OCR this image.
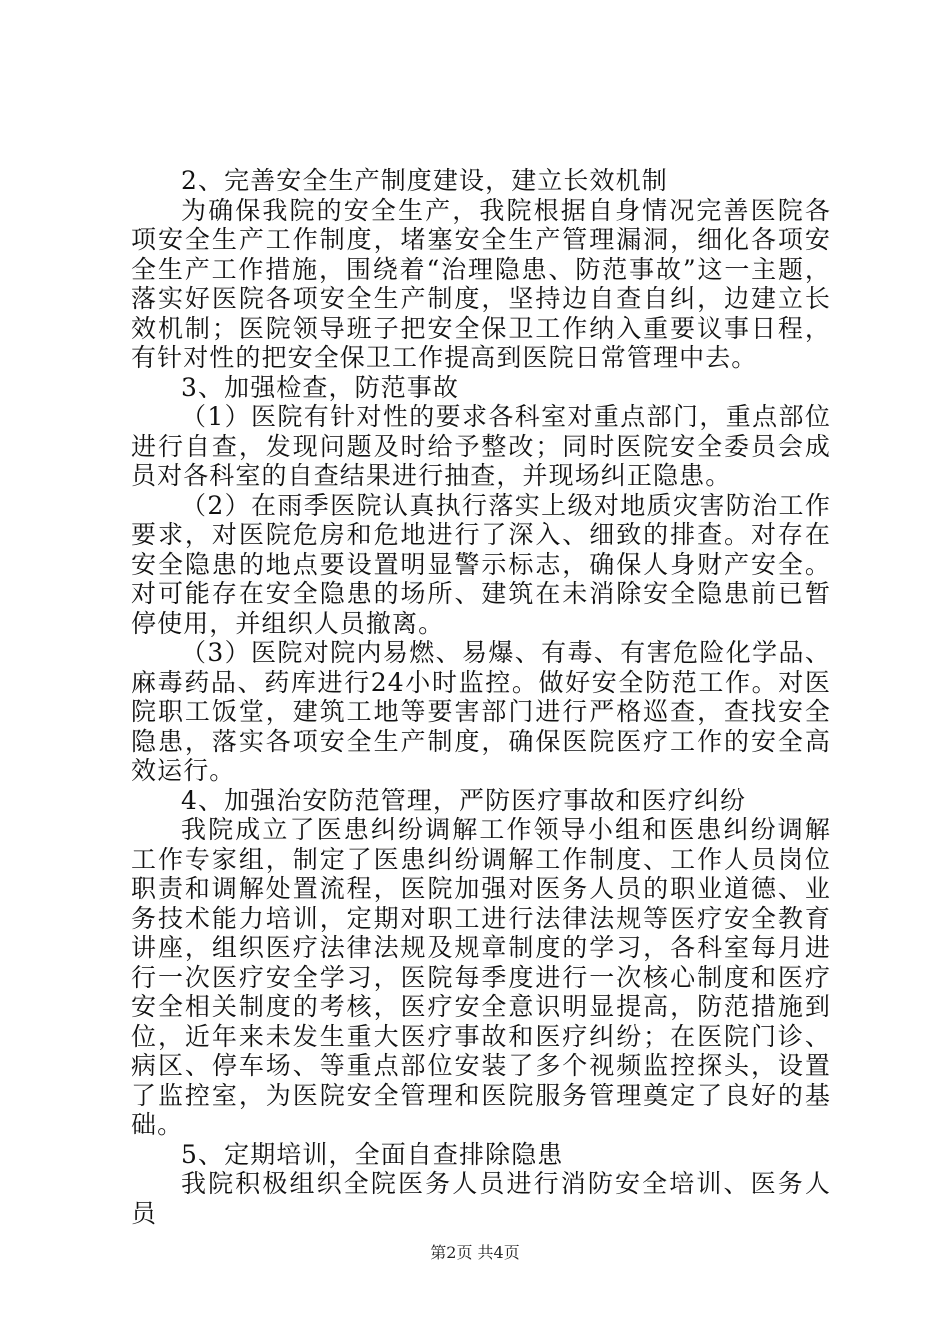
2、完善安全生产制度建设，建立长效机制

为确保我院的安全生产，我院根据自身情况完善医院各项安全生产工作制度，堵塞安全生产管理漏洞，细化各项安全生产工作措施，围绕着“治理隐患、防范事故”这一主题，落实好医院各项安全生产制度，坚持边自查自纠，边建立长效机制；医院领导班子把安全保卫工作纳入重要议事日程，有针对性的把安全保卫工作提高到医院日常管理中去。

3、加强检查，防范事故

（1）医院有针对性的要求各科室对重点部门，重点部位进行自查，发现问题及时给予整改；同时医院安全委员会成员对各科室的自查结果进行抽查，并现场纠正隐患。

（2）在雨季医院认真执行落实上级对地质灾害防治工作要求，对医院危房和危地进行了深入、细致的排查。对存在安全隐患的地点要设置明显警示标志，确保人身财产安全。对可能存在安全隐患的场所、建筑在未消除安全隐患前已暂停使用，并组织人员撤离。

（3）医院对院内易燃、易爆、有毒、有害危险化学品、麻毒药品、药库进行24小时监控。做好安全防范工作。对医院职工饭堂，建筑工地等要害部门进行严格巡查，查找安全隐患，落实各项安全生产制度，确保医院医疗工作的安全高效运行。

4、加强治安防范管理，严防医疗事故和医疗纠纷

我院成立了医患纠纷调解工作领导小组和医患纠纷调解工作专家组，制定了医患纠纷调解工作制度、工作人员岗位职责和调解处置流程，医院加强对医务人员的职业道德、业务技术能力培训，定期对职工进行法律法规等医疗安全教育讲座，组织医疗法律法规及规章制度的学习，各科室每月进行一次医疗安全学习，医院每季度进行一次核心制度和医疗安全相关制度的考核，医疗安全意识明显提高，防范措施到位，近年来未发生重大医疗事故和医疗纠纷；在医院门诊、病区、停车场、等重点部位安装了多个视频监控探头，设置了监控室，为医院安全管理和医院服务管理奠定了良好的基础。

5、定期培训，全面自查排除隐患

我院积极组织全院医务人员进行消防安全培训、医务人员

第2页 共4页
